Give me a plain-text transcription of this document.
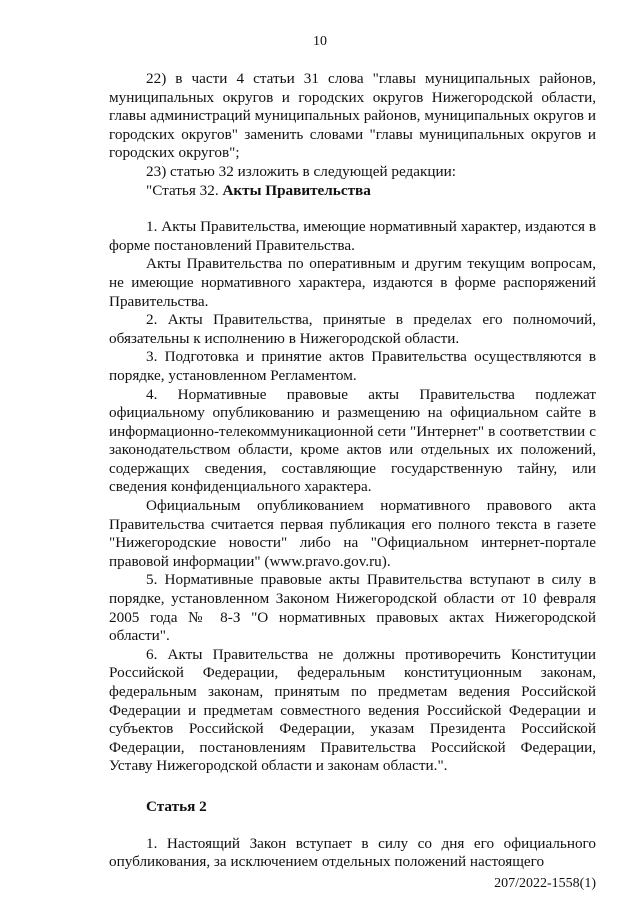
10

22) в части 4 статьи 31 слова "главы муниципальных районов, муниципальных округов и городских округов Нижегородской области, главы администраций муниципальных районов, муниципальных округов и городских округов" заменить словами "главы муниципальных округов и городских округов";

23) статью 32 изложить в следующей редакции:

"Статья 32. Акты Правительства

1. Акты Правительства, имеющие нормативный характер, издаются в форме постановлений Правительства.

Акты Правительства по оперативным и другим текущим вопросам, не имеющие нормативного характера, издаются в форме распоряжений Правительства.

2. Акты Правительства, принятые в пределах его полномочий, обязательны к исполнению в Нижегородской области.

3. Подготовка и принятие актов Правительства осуществляются в порядке, установленном Регламентом.

4. Нормативные правовые акты Правительства подлежат официальному опубликованию и размещению на официальном сайте в информационно-телекоммуникационной сети "Интернет" в соответствии с законодательством области, кроме актов или отдельных их положений, содержащих сведения, составляющие государственную тайну, или сведения конфиденциального характера.

Официальным опубликованием нормативного правового акта Правительства считается первая публикация его полного текста в газете "Нижегородские новости" либо на "Официальном интернет-портале правовой информации" (www.pravo.gov.ru).

5. Нормативные правовые акты Правительства вступают в силу в порядке, установленном Законом Нижегородской области от 10 февраля 2005 года № 8-З "О нормативных правовых актах Нижегородской области".

6. Акты Правительства не должны противоречить Конституции Российской Федерации, федеральным конституционным законам, федеральным законам, принятым по предметам ведения Российской Федерации и предметам совместного ведения Российской Федерации и субъектов Российской Федерации, указам Президента Российской Федерации, постановлениям Правительства Российской Федерации, Уставу Нижегородской области и законам области.".

Статья 2

1. Настоящий Закон вступает в силу со дня его официального опубликования, за исключением отдельных положений настоящего

207/2022-1558(1)
